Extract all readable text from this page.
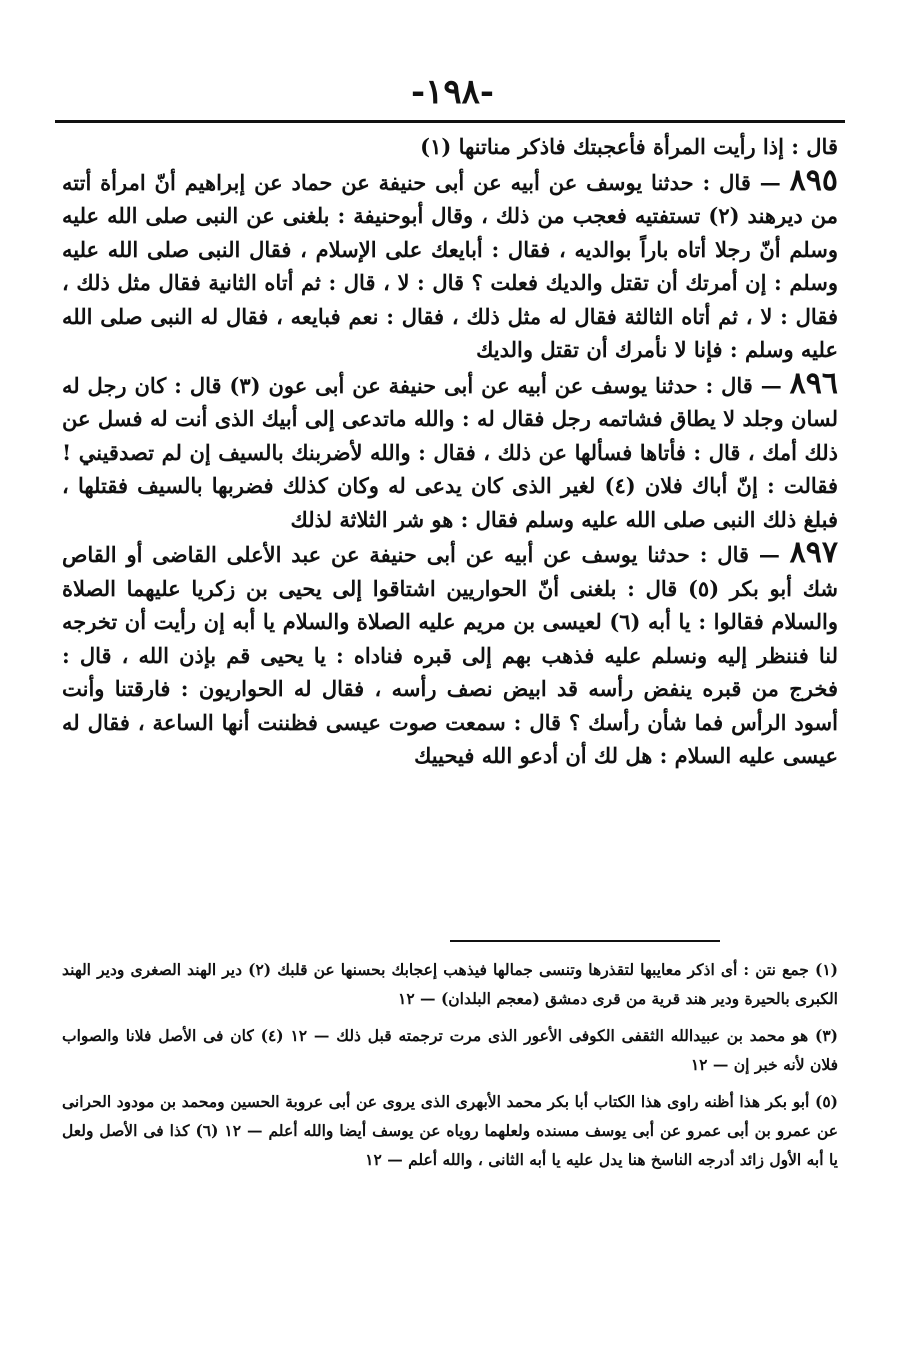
-١٩٨-

قال : إذا رأيت المرأة فأعجبتك فاذكر مناتنها (١)

٨٩٥ — قال : حدثنا يوسف عن أبيه عن أبى حنيفة عن حماد عن إبراهيم أنّ امرأة أتته من ديرهند (٢) تستفتيه فعجب من ذلك ، وقال أبوحنيفة : بلغنى عن النبى صلى الله عليه وسلم أنّ رجلا أتاه باراً بوالديه ، فقال : أبايعك على الإسلام ، فقال النبى صلى الله عليه وسلم : إن أمرتك أن تقتل والديك فعلت ؟ قال : لا ، قال : ثم أتاه الثانية فقال مثل ذلك ، فقال : لا ، ثم أتاه الثالثة فقال له مثل ذلك ، فقال : نعم فبايعه ، فقال له النبى صلى الله عليه وسلم : فإنا لا نأمرك أن تقتل والديك

٨٩٦ — قال : حدثنا يوسف عن أبيه عن أبى حنيفة عن أبى عون (٣) قال : كان رجل له لسان وجلد لا يطاق فشاتمه رجل فقال له : والله ماتدعى إلى أبيك الذى أنت له فسل عن ذلك أمك ، قال : فأتاها فسألها عن ذلك ، فقال : والله لأضربنك بالسيف إن لم تصدقيني ! فقالت : إنّ أباك فلان (٤) لغير الذى كان يدعى له وكان كذلك فضربها بالسيف فقتلها ، فبلغ ذلك النبى صلى الله عليه وسلم فقال : هو شر الثلاثة لذلك

٨٩٧ — قال : حدثنا يوسف عن أبيه عن أبى حنيفة عن عبد الأعلى القاضى أو القاص شك أبو بكر (٥) قال : بلغنى أنّ الحواريين اشتاقوا إلى يحيى بن زكريا عليهما الصلاة والسلام فقالوا : يا أبه (٦) لعيسى بن مريم عليه الصلاة والسلام يا أبه إن رأيت أن تخرجه لنا فننظر إليه ونسلم عليه فذهب بهم إلى قبره فناداه : يا يحيى قم بإذن الله ، قال : فخرج من قبره ينفض رأسه قد ابيض نصف رأسه ، فقال له الحواريون : فارقتنا وأنت أسود الرأس فما شأن رأسك ؟ قال : سمعت صوت عيسى فظننت أنها الساعة ، فقال له عيسى عليه السلام : هل لك أن أدعو الله فيحييك

(١) جمع نتن : أى اذكر معايبها لتقذرها وتنسى جمالها فيذهب إعجابك بحسنها عن قلبك (٢) دير الهند الصغرى ودير الهند الكبرى بالحيرة ودير هند قرية من قرى دمشق (معجم البلدان) — ١٢

(٣) هو محمد بن عبيدالله الثقفى الكوفى الأعور الذى مرت ترجمته قبل ذلك — ١٢ (٤) كان فى الأصل فلانا والصواب فلان لأنه خبر إن — ١٢

(٥) أبو بكر هذا أظنه راوى هذا الكتاب أبا بكر محمد الأبهرى الذى يروى عن أبى عروبة الحسين ومحمد بن مودود الحرانى عن عمرو بن أبى عمرو عن أبى يوسف مسنده ولعلهما روياه عن يوسف أيضا والله أعلم — ١٢ (٦) كذا فى الأصل ولعل يا أبه الأول زائد أدرجه الناسخ هنا يدل عليه يا أبه الثانى ، والله أعلم — ١٢
